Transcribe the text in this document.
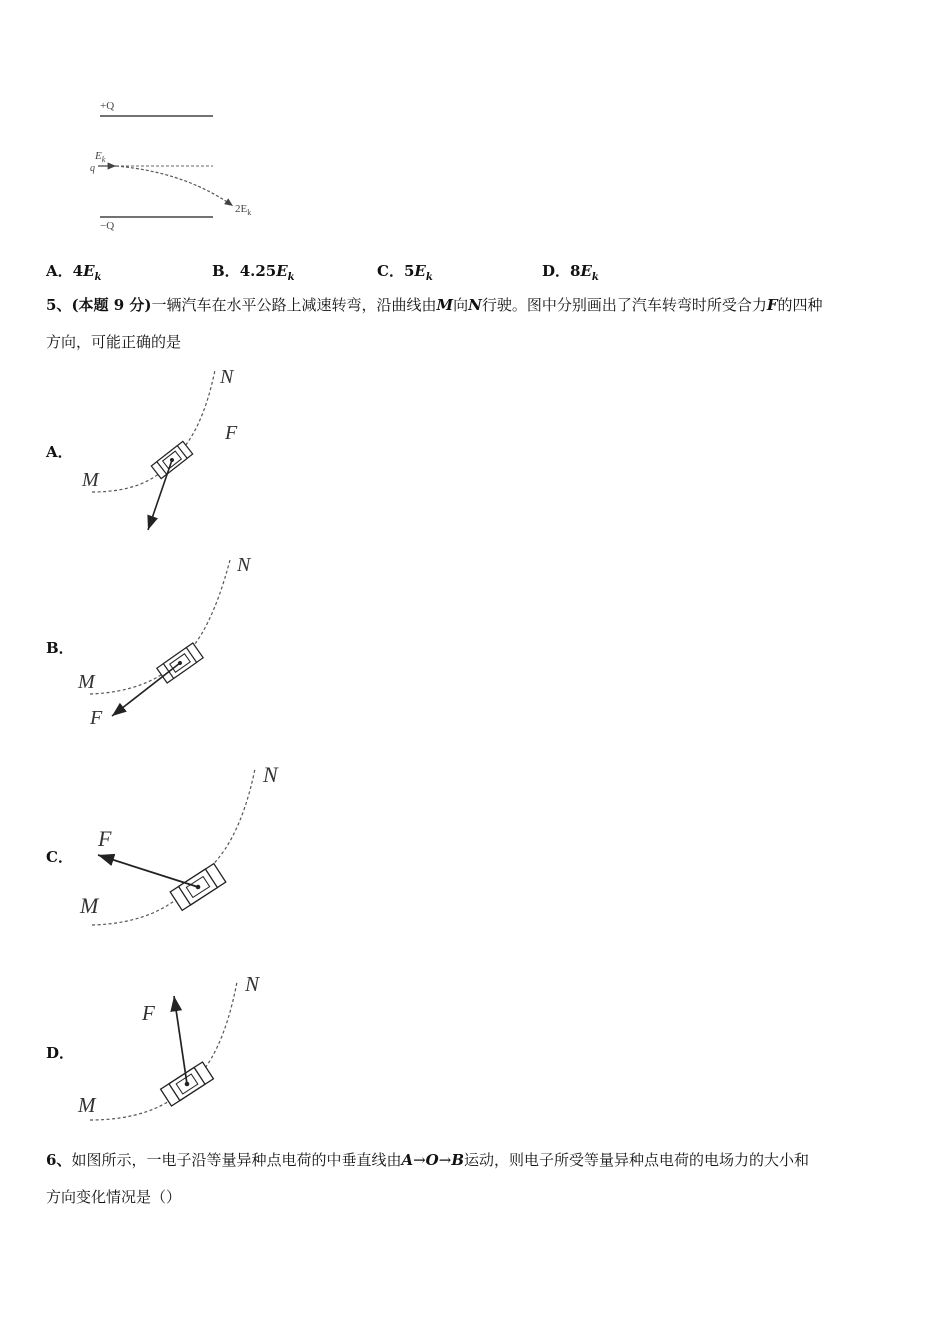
+Q
$E_k$
q
$2E_k$
−Q
A．$4E_k$	B．$4.25E_k$	C．$5E_k$	D．$8E_k$
5、(本题 9 分)一辆汽车在水平公路上减速转弯，沿曲线由M向N行驶。图中分别画出了汽车转弯时所受合力F的四种
方向，可能正确的是
A．
N
F
M
B．
N
M
F
C．
N
F
M
D．
N
F
M
6、如图所示，一电子沿等量异种点电荷的中垂直线由A→O→B运动，则电子所受等量异种点电荷的电场力的大小和
方向变化情况是（）
